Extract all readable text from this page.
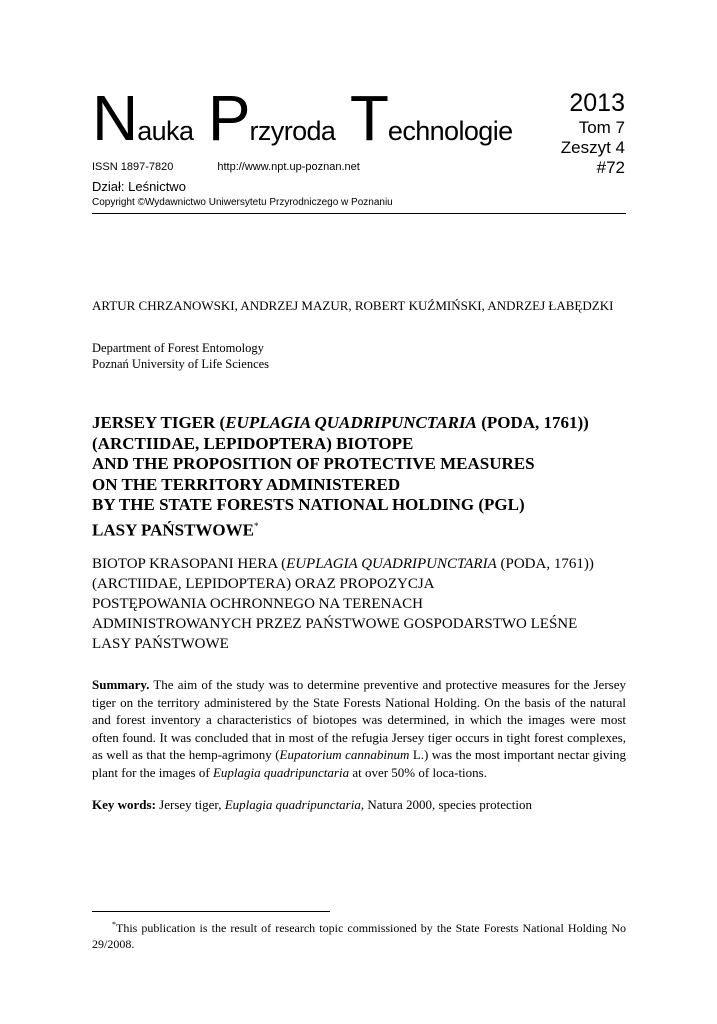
Nauka Przyroda Technologie
2013
Tom 7
Zeszyt 4
#72
ISSN 1897-7820	http://www.npt.up-poznan.net
Dział: Leśnictwo
Copyright ©Wydawnictwo Uniwersytetu Przyrodniczego w Poznaniu
ARTUR CHRZANOWSKI, ANDRZEJ MAZUR, ROBERT KUŹMIŃSKI, ANDRZEJ ŁABĘDZKI
Department of Forest Entomology
Poznań University of Life Sciences
JERSEY TIGER (EUPLAGIA QUADRIPUNCTARIA (PODA, 1761))
(ARCTIIDAE, LEPIDOPTERA) BIOTOPE
AND THE PROPOSITION OF PROTECTIVE MEASURES
ON THE TERRITORY ADMINISTERED
BY THE STATE FORESTS NATIONAL HOLDING (PGL)
LASY PAŃSTWOWE*
BIOTOP KRASOPANI HERA (EUPLAGIA QUADRIPUNCTARIA (PODA, 1761))
(ARCTIIDAE, LEPIDOPTERA) ORAZ PROPOZYCJA
POSTĘPOWANIA OCHRONNEGO NA TERENACH
ADMINISTROWANYCH PRZEZ PAŃSTWOWE GOSPODARSTWO LEŚNE
LASY PAŃSTWOWE
Summary. The aim of the study was to determine preventive and protective measures for the Jersey tiger on the territory administered by the State Forests National Holding. On the basis of the natural and forest inventory a characteristics of biotopes was determined, in which the images were most often found. It was concluded that in most of the refugia Jersey tiger occurs in tight forest complexes, as well as that the hemp-agrimony (Eupatorium cannabinum L.) was the most important nectar giving plant for the images of Euplagia quadripunctaria at over 50% of loca-tions.
Key words: Jersey tiger, Euplagia quadripunctaria, Natura 2000, species protection
*This publication is the result of research topic commissioned by the State Forests National Holding No 29/2008.
